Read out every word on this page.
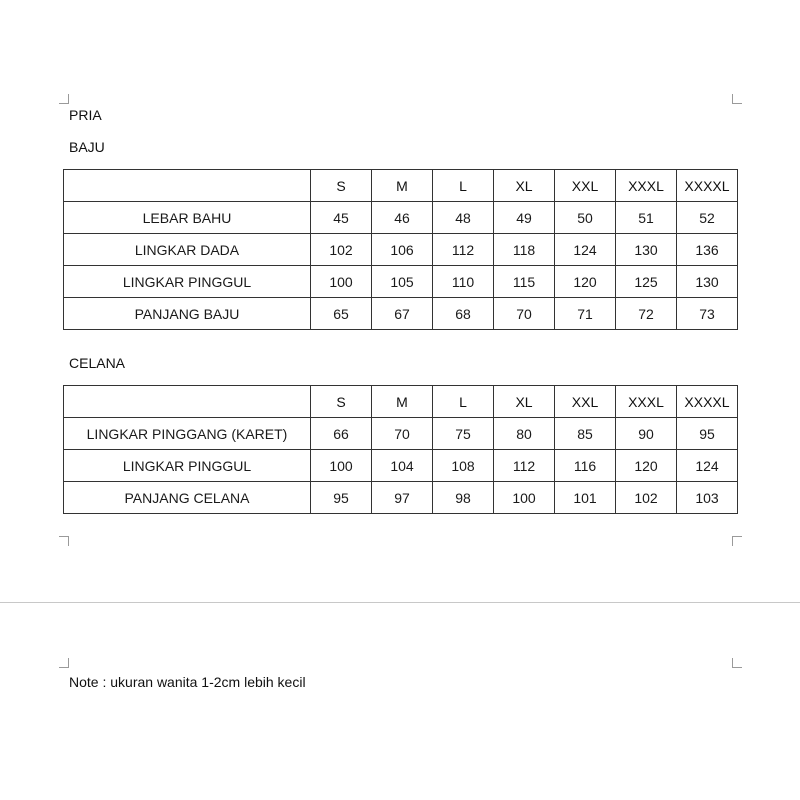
PRIA
BAJU
	S	M	L	XL	XXL	XXXL	XXXXL
LEBAR BAHU	45	46	48	49	50	51	52
LINGKAR DADA	102	106	112	118	124	130	136
LINGKAR PINGGUL	100	105	110	115	120	125	130
PANJANG BAJU	65	67	68	70	71	72	73
CELANA
	S	M	L	XL	XXL	XXXL	XXXXL
LINGKAR PINGGANG (KARET)	66	70	75	80	85	90	95
LINGKAR PINGGUL	100	104	108	112	116	120	124
PANJANG CELANA	95	97	98	100	101	102	103
Note : ukuran wanita 1-2cm lebih kecil
